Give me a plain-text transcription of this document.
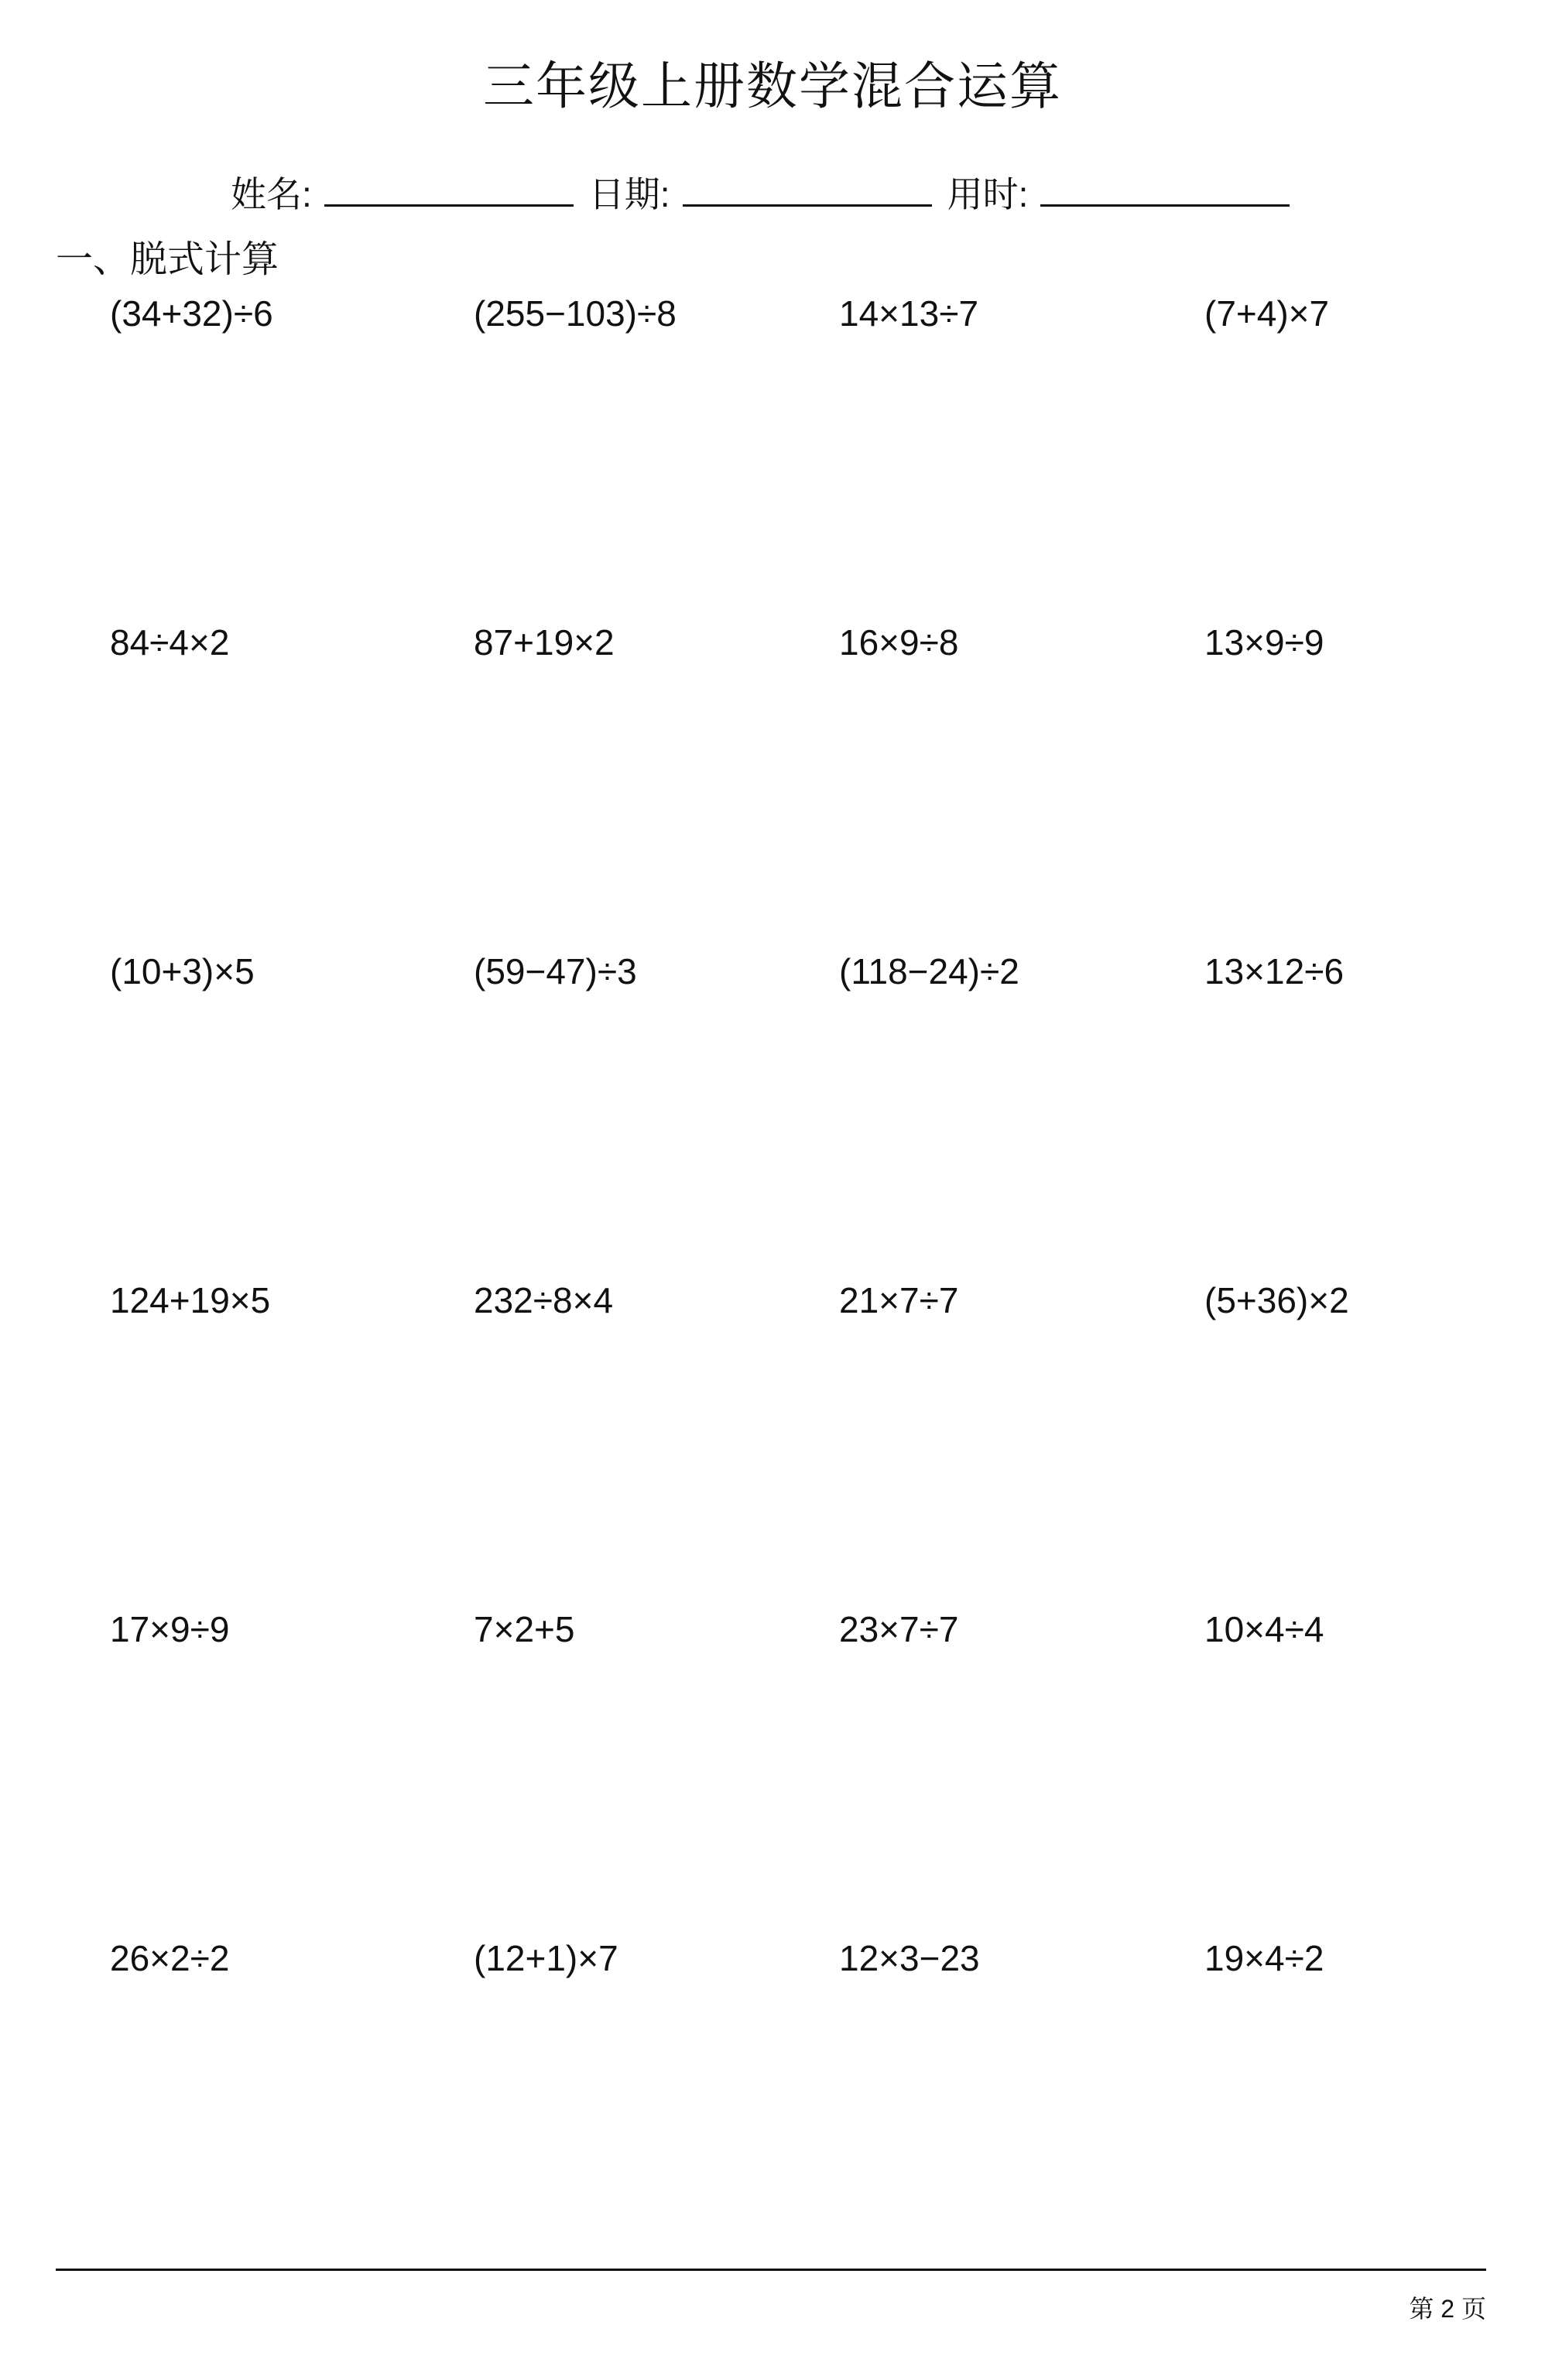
三年级上册数学混合运算
姓名:	日期:	用时:
一、脱式计算
(34+32)÷6	(255−103)÷8	14×13÷7	(7+4)×7
84÷4×2	87+19×2	16×9÷8	13×9÷9
(10+3)×5	(59−47)÷3	(118−24)÷2	13×12÷6
124+19×5	232÷8×4	21×7÷7	(5+36)×2
17×9÷9	7×2+5	23×7÷7	10×4÷4
26×2÷2	(12+1)×7	12×3−23	19×4÷2
第 2 页
